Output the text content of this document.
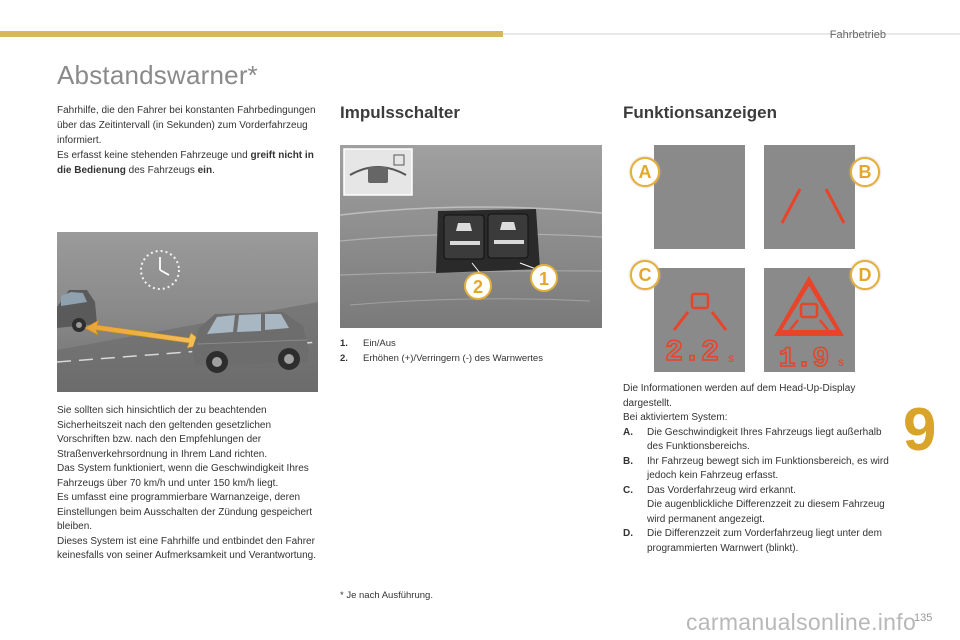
Fahrbetrieb
Abstandswarner*

Fahrhilfe, die den Fahrer bei konstanten Fahrbedingungen über das Zeitintervall (in Sekunden) zum Vorderfahrzeug informiert.

Es erfasst keine stehenden Fahrzeuge und greift nicht in die Bedienung des Fahrzeugs ein.

Sie sollten sich hinsichtlich der zu beachtenden Sicherheitszeit nach den geltenden gesetzlichen Vorschriften bzw. nach den Empfehlungen der Straßenverkehrsordnung in Ihrem Land richten.

Das System funktioniert, wenn die Geschwindigkeit Ihres Fahrzeugs über 70 km/h und unter 150 km/h liegt.

Es umfasst eine programmierbare Warnanzeige, deren Einstellungen beim Ausschalten der Zündung gespeichert bleiben.

Dieses System ist eine Fahrhilfe und entbindet den Fahrer keinesfalls von seiner Aufmerksamkeit und Verantwortung.

Impulsschalter
2	1
1.	Ein/Aus
2.	Erhöhen (+)/Verringern (-) des Warnwertes
* Je nach Ausführung.
Funktionsanzeigen
2.2 s 1.9 s
A	B
C	D

Die Informationen werden auf dem Head-Up-Display dargestellt.

Bei aktiviertem System:

A.	Die Geschwindigkeit Ihres Fahrzeugs liegt außerhalb des Funktionsbereichs.
B.	Ihr Fahrzeug bewegt sich im Funktionsbereich, es wird jedoch kein Fahrzeug erfasst.
C.	Das Vorderfahrzeug wird erkannt.
Die augenblickliche Differenzzeit zu diesem Fahrzeug wird permanent angezeigt.
D.	Die Differenzzeit zum Vorderfahrzeug liegt unter dem programmierten Warnwert (blinkt).
9
carmanualsonline.info
135
